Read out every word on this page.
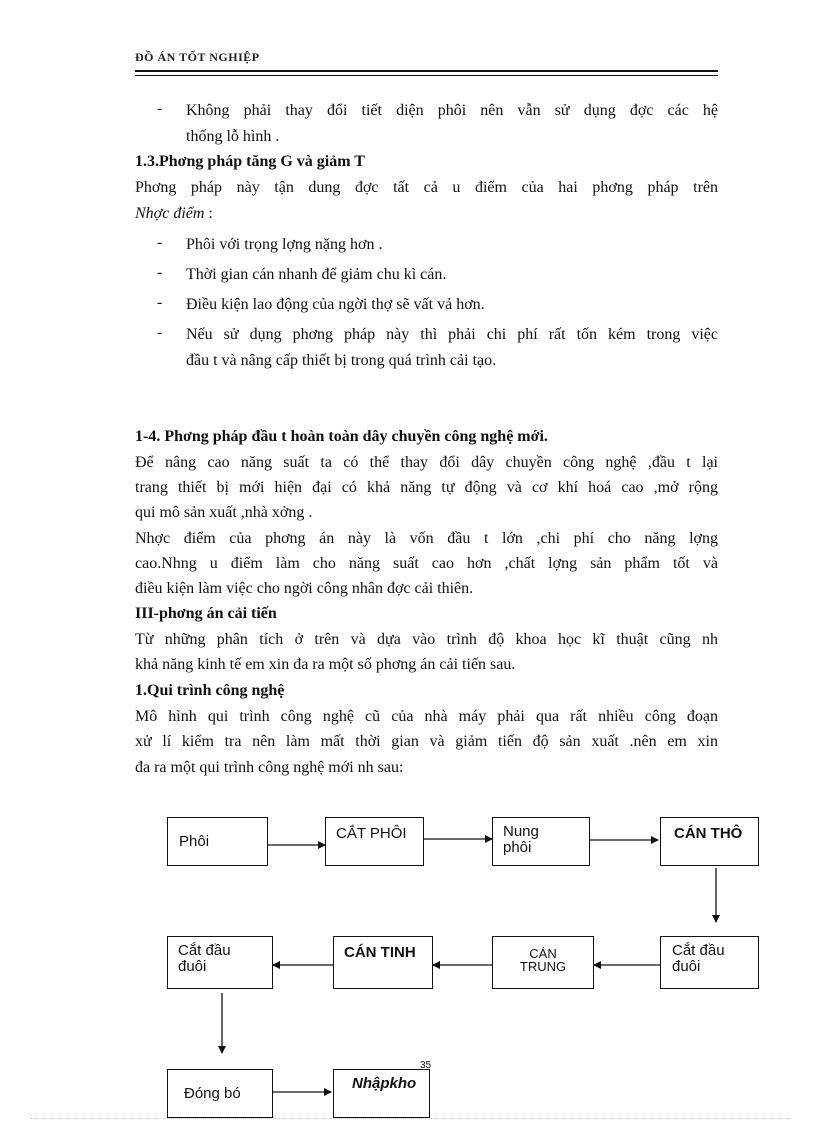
ĐỒ ÁN TỐT NGHIỆP
- Không phải thay đổi tiết diện phôi nên vẫn sử dụng đợc các hệ
thống lỗ hình .
1.3.Phơng pháp tăng G và giảm T
Phơng pháp này tận dung đợc tất cả u điểm của hai phơng pháp trên
Nhợc điểm :
- Phôi với trọng lợng nặng hơn .
- Thời gian cán nhanh để giảm chu kì cán.
- Điều kiện lao động của ngời thợ sẽ vất vả hơn.
- Nếu sử dụng phơng pháp này thì phải chi phí rất tốn kém trong việc
đầu t và nâng cấp thiết bị trong quá trình cải tạo.
1-4. Phơng pháp đầu t hoàn toàn dây chuyền công nghệ mới.
Để nâng cao năng suất ta có thể thay đổi dây chuyền công nghệ ,đầu t lại
trang thiết bị mới hiện đại có khả năng tự động và cơ khí hoá cao ,mở rộng
qui mô sản xuất ,nhà xởng .
Nhợc điểm của phơng án này là vốn đầu t lớn ,chi phí cho năng lợng
cao.Nhng u điểm làm cho năng suất cao hơn ,chất lợng sản phẩm tốt và
điều kiện làm việc cho ngời công nhân đợc cải thiên.
III-phơng án cải tiến
Từ những phân tích ở trên và dựa vào trình độ khoa học kĩ thuật cũng nh
khả năng kinh tế em xin đa ra một số phơng án cải tiến sau.
1.Qui trình công nghệ
Mô hình qui trình công nghệ cũ của nhà máy phải qua rất nhiều công đoạn
xử lí kiểm tra nên làm mất thời gian và giảm tiến độ sản xuất .nên em xin
đa ra một qui trình công nghệ mới nh sau:
Phôi	CẮT PHÔI	Nung
phôi
CÁN THÔ
Cắt đầu
đuôi
CÁN
TRUNG
CÁN TINH
Cắt đầu
đuôi
Đóng bó
Nhậpkho
35
